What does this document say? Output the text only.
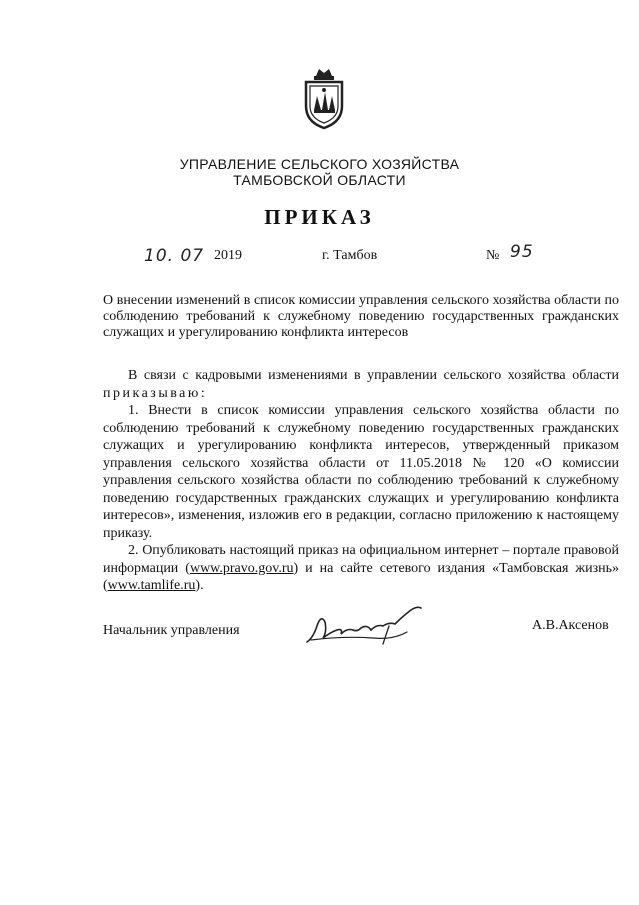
УПРАВЛЕНИЕ СЕЛЬСКОГО ХОЗЯЙСТВА
ТАМБОВСКОЙ ОБЛАСТИ
ПРИКАЗ
10. 07 2019	г. Тамбов	№ 95
О внесении изменений в список комиссии управления сельского хозяйства области по соблюдению требований к служебному поведению государственных гражданских служащих и урегулированию конфликта интересов

В связи с кадровыми изменениями в управлении сельского хозяйства области приказываю:

1. Внести в список комиссии управления сельского хозяйства области по соблюдению требований к служебному поведению государственных гражданских служащих и урегулированию конфликта интересов, утвержденный приказом управления сельского хозяйства области от 11.05.2018 № 120 «О комиссии управления сельского хозяйства области по соблюдению требований к служебному поведению государственных гражданских служащих и урегулированию конфликта интересов», изменения, изложив его в редакции, согласно приложению к настоящему приказу.

2. Опубликовать настоящий приказ на официальном интернет – портале правовой информации (www.pravo.gov.ru) и на сайте сетевого издания «Тамбовская жизнь» (www.tamlife.ru).

Начальник управления	А.В.Аксенов
